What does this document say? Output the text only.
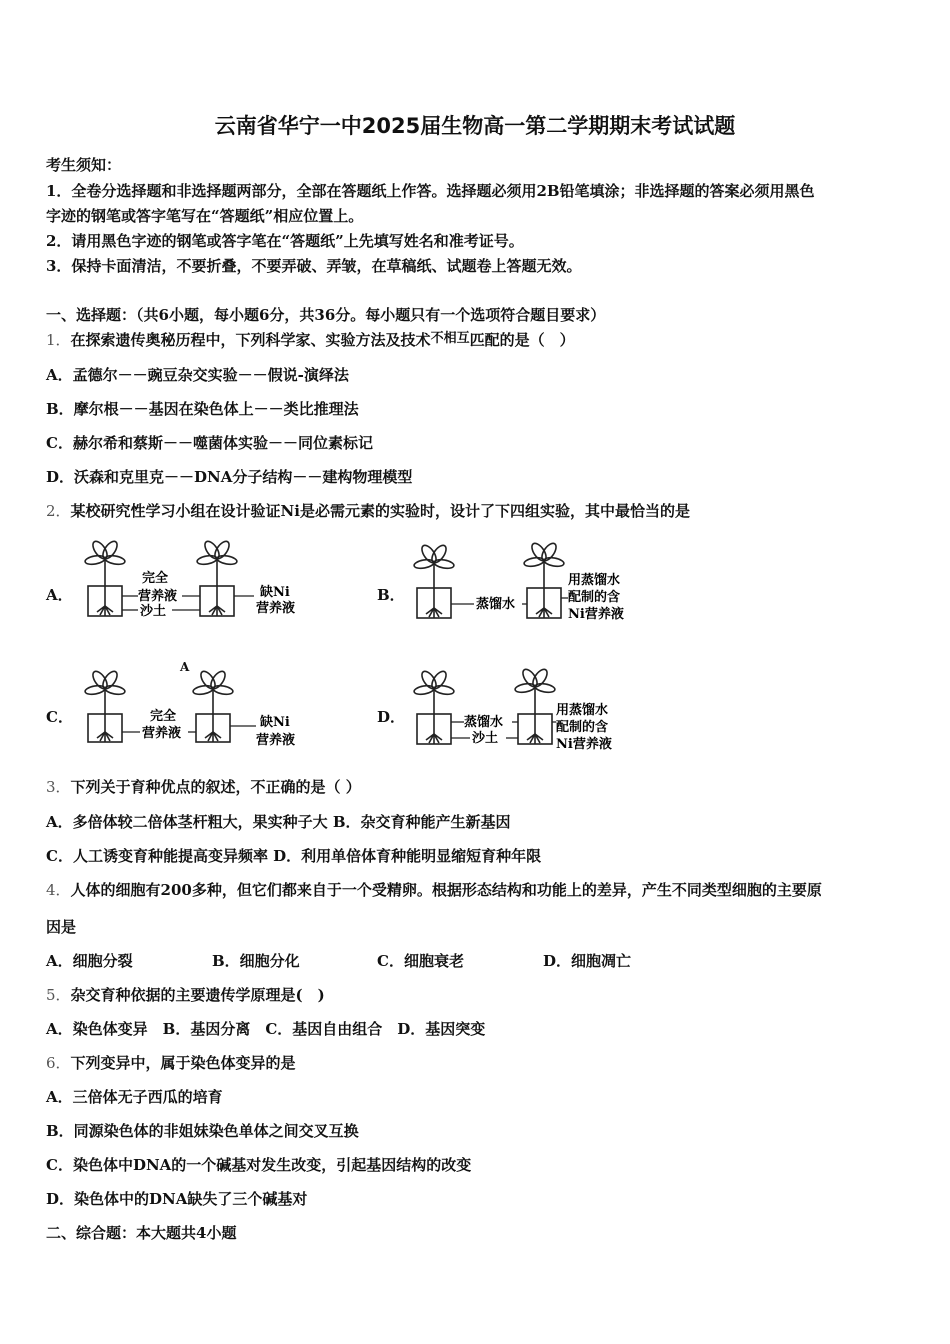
云南省华宁一中2025届生物高一第二学期期末考试试题
考生须知：
1．全卷分选择题和非选择题两部分，全部在答题纸上作答。选择题必须用2B铅笔填涂；非选择题的答案必须用黑色
字迹的钢笔或答字笔写在“答题纸”相应位置上。
2．请用黑色字迹的钢笔或答字笔在“答题纸”上先填写姓名和准考证号。
3．保持卡面清洁，不要折叠，不要弄破、弄皱，在草稿纸、试题卷上答题无效。
一、选择题：（共6小题，每小题6分，共36分。每小题只有一个选项符合题目要求）
1．在探索遗传奥秘历程中，下列科学家、实验方法及技术不相互匹配的是（　）
A．孟德尔－－豌豆杂交实验－－假说-演绎法
B．摩尔根－－基因在染色体上－－类比推理法
C．赫尔希和蔡斯－－噬菌体实验－－同位素标记
D．沃森和克里克－－DNA分子结构－－建构物理模型
2．某校研究性学习小组在设计验证Ni是必需元素的实验时，设计了下四组实验，其中最恰当的是
A．	B．
C．	D．
A
完全
营养液
沙土
缺Ni
营养液	蒸馏水
用蒸馏水
配制的含
Ni营养液
完全
营养液
缺Ni
营养液
蒸馏水
沙土
用蒸馏水
配制的含
Ni营养液
3．下列关于育种优点的叙述，不正确的是（ ）
A．多倍体较二倍体茎杆粗大，果实种子大 B．杂交育种能产生新基因
C．人工诱变育种能提高变异频率 D．利用单倍体育种能明显缩短育种年限
4．人体的细胞有200多种，但它们都来自于一个受精卵。根据形态结构和功能上的差异，产生不同类型细胞的主要原
因是
A．细胞分裂	B．细胞分化	C．细胞衰老	D．细胞凋亡
5．杂交育种依据的主要遗传学原理是(　)
A．染色体变异　B．基因分离　C．基因自由组合　D．基因突变
6．下列变异中，属于染色体变异的是
A．三倍体无子西瓜的培育
B．同源染色体的非姐妹染色单体之间交叉互换
C．染色体中DNA的一个碱基对发生改变，引起基因结构的改变
D．染色体中的DNA缺失了三个碱基对
二、综合题：本大题共4小题
